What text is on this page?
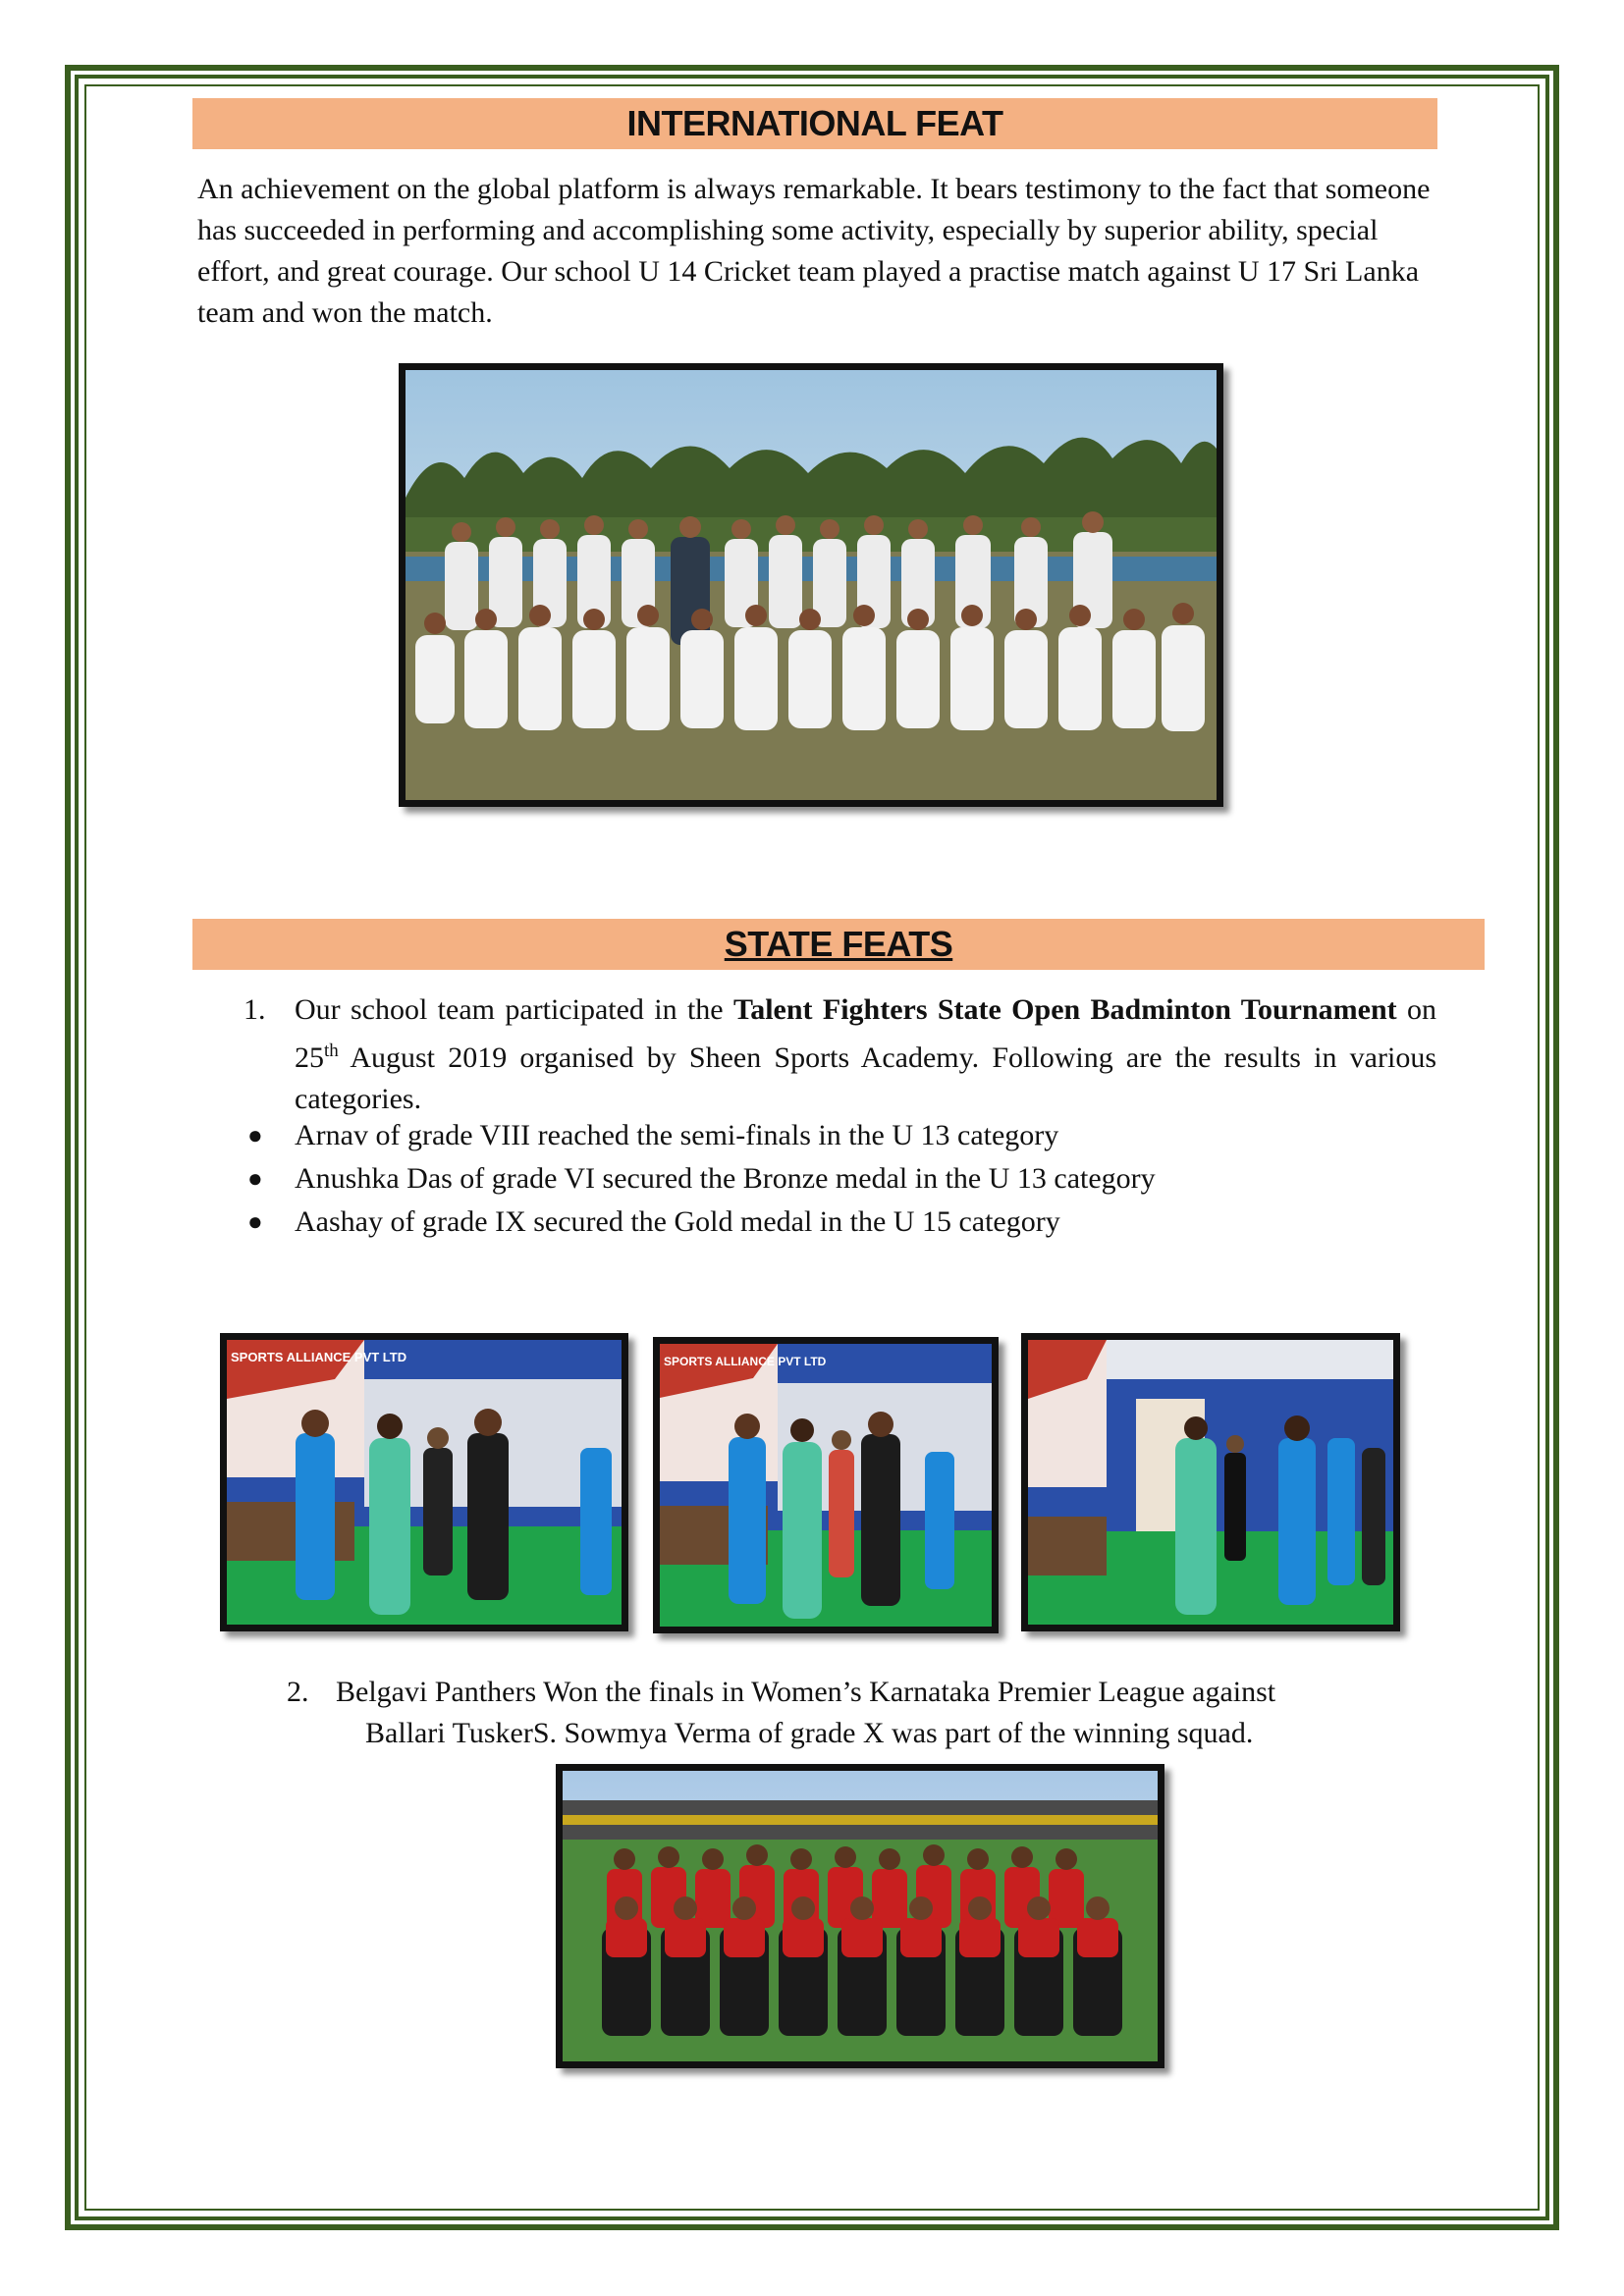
INTERNATIONAL FEAT
An achievement on the global platform is always remarkable. It bears testimony to the fact that someone has succeeded in performing and accomplishing some activity, especially by superior ability, special effort, and great courage. Our school U 14 Cricket team played a practise match against U 17 Sri Lanka team and won the match.
STATE FEATS
1. Our school team participated in the Talent Fighters State Open Badminton Tournament on 25th August 2019 organised by Sheen Sports Academy. Following are the results in various categories.
● Arnav of grade VIII reached the semi-finals in the U 13 category
● Anushka Das of grade VI secured the Bronze medal in the U 13 category
● Aashay of grade IX secured the Gold medal in the U 15 category
SPORTS ALLIANCE PVT LTD	SPORTS ALLIANCE PVT LTD
2. Belgavi Panthers Won the finals in Women’s Karnataka Premier League against
Ballari TuskerS. Sowmya Verma of grade X was part of the winning squad.
